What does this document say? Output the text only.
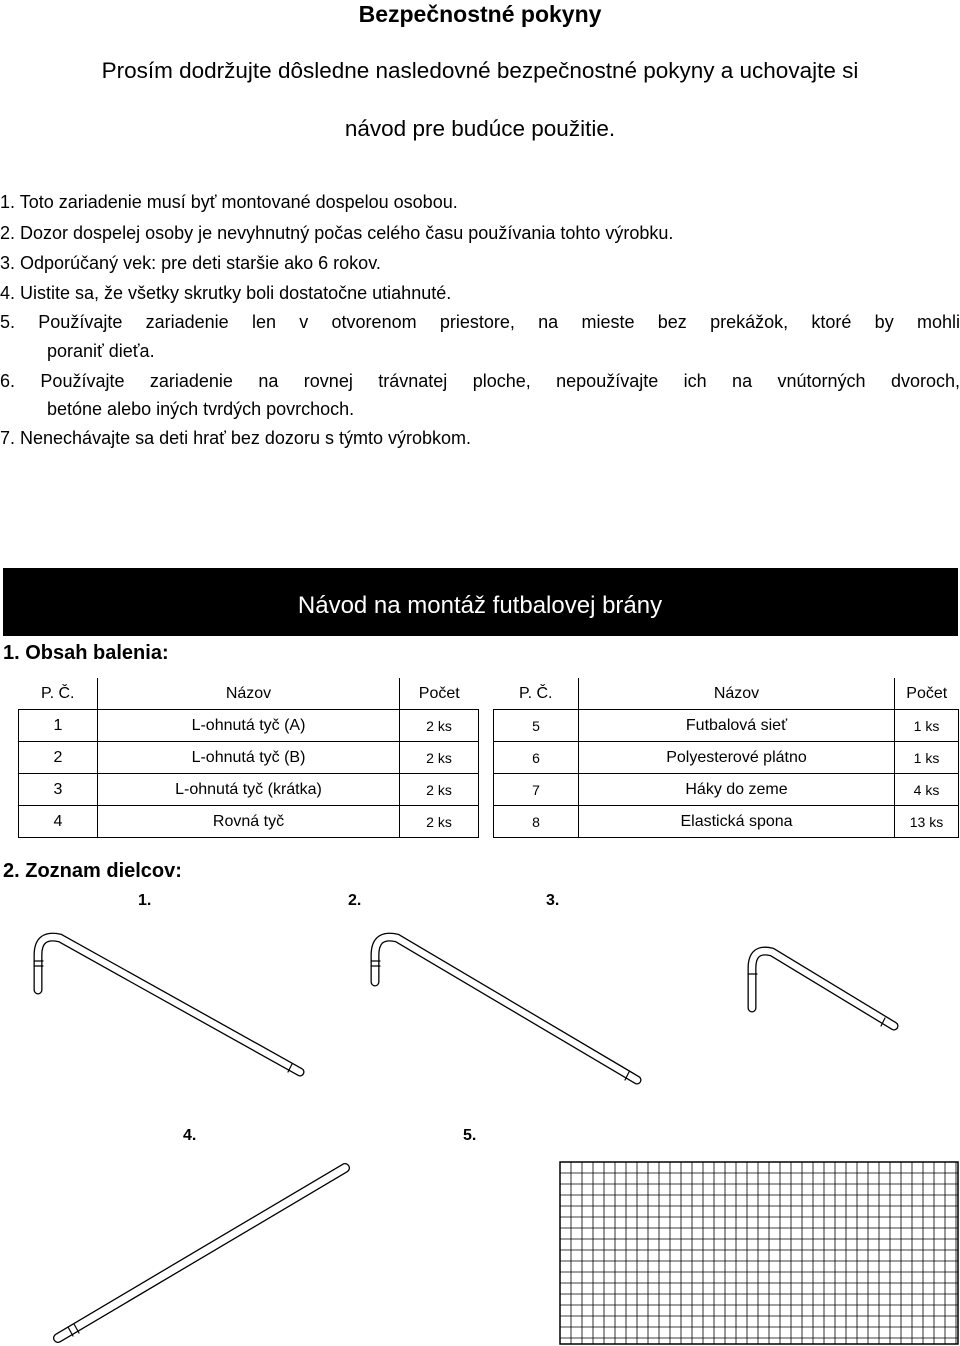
Bezpečnostné pokyny
Prosím dodržujte dôsledne nasledovné bezpečnostné pokyny a uchovajte si
návod pre budúce použitie.
1. Toto zariadenie musí byť montované dospelou osobou.
2. Dozor dospelej osoby je nevyhnutný počas celého času používania tohto výrobku.
3. Odporúčaný vek: pre deti staršie ako 6 rokov.
4. Uistite sa, že všetky skrutky boli dostatočne utiahnuté.
5. Používajte zariadenie len v otvorenom priestore, na mieste bez prekážok, ktoré by mohli
poraniť dieťa.
6. Používajte zariadenie na rovnej trávnatej ploche, nepoužívajte ich na vnútorných dvoroch,
betóne alebo iných tvrdých povrchoch.
7. Nenechávajte sa deti hrať bez dozoru s týmto výrobkom.
Návod na montáž futbalovej brány
1. Obsah balenia:
P. Č.	Názov	Počet
1	L-ohnutá tyč (A)	2 ks
2	L-ohnutá tyč (B)	2 ks
3	L-ohnutá tyč (krátka)	2 ks
4	Rovná tyč	2 ks
P. Č.	Názov	Počet
5	Futbalová sieť	1 ks
6	Polyesterové plátno	1 ks
7	Háky do zeme	4 ks
8	Elastická spona	13 ks
2. Zoznam dielcov:
1.	2.	3.
4.	5.
